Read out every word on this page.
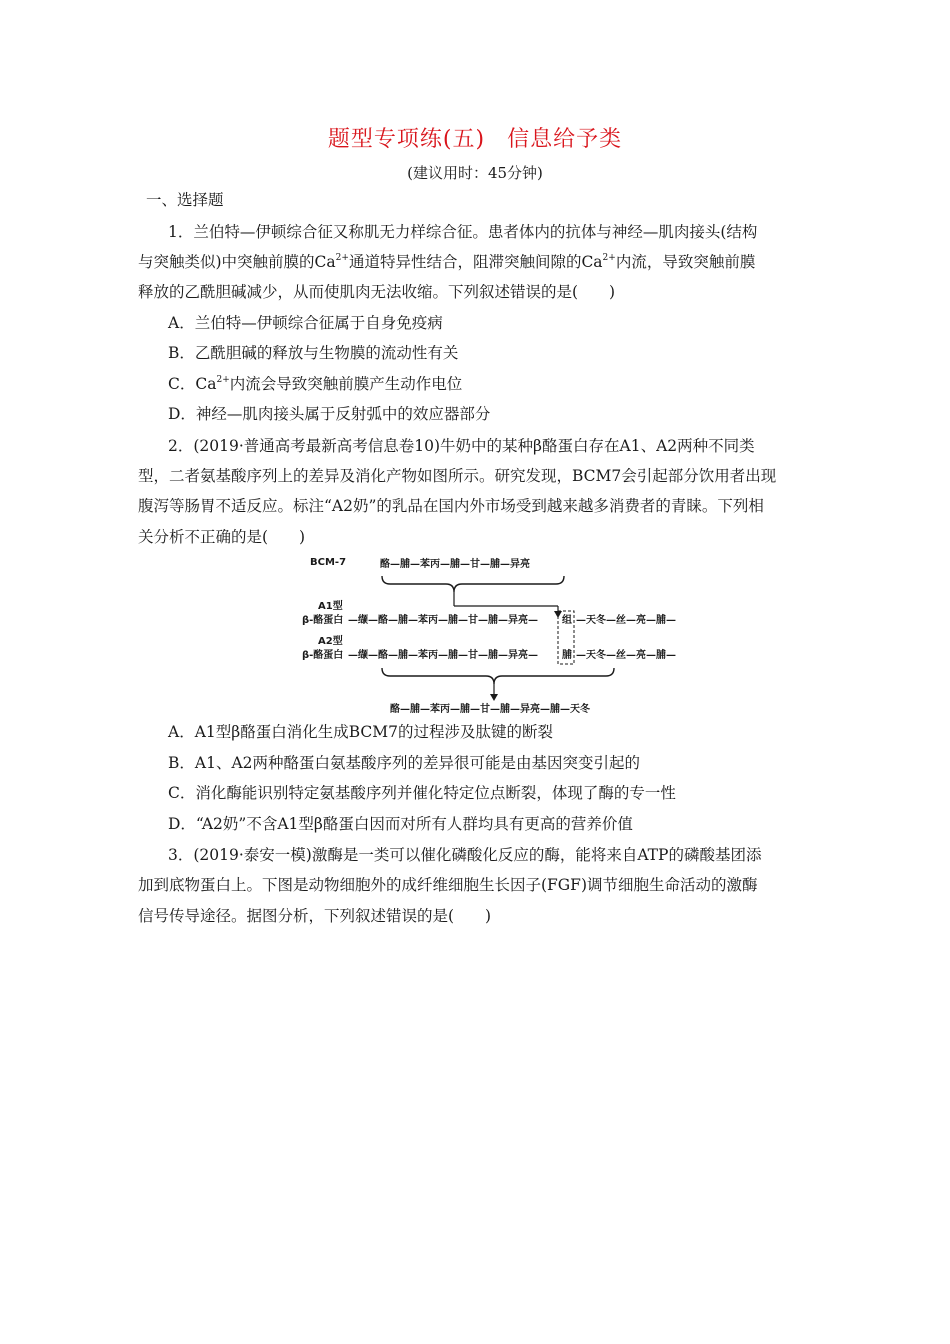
题型专项练(五) 信息给予类
(建议用时：45分钟)
一、选择题
1．兰伯特—伊顿综合征又称肌无力样综合征。患者体内的抗体与神经—肌肉接头(结构
与突触类似)中突触前膜的$Ca^{2+}$通道特异性结合，阻滞突触间隙的$Ca^{2+}$内流，导致突触前膜
释放的乙酰胆碱减少，从而使肌肉无法收缩。下列叙述错误的是(　　)
A．兰伯特—伊顿综合征属于自身免疫病
B．乙酰胆碱的释放与生物膜的流动性有关
C．$Ca^{2+}$内流会导致突触前膜产生动作电位
D．神经—肌肉接头属于反射弧中的效应器部分
2．(2019·普通高考最新高考信息卷10)牛奶中的某种β酪蛋白存在A1、A2两种不同类
型，二者氨基酸序列上的差异及消化产物如图所示。研究发现，BCM7会引起部分饮用者出现
腹泻等肠胃不适反应。标注“A2奶”的乳品在国内外市场受到越来越多消费者的青睐。下列相
关分析不正确的是(　　)
BCM-7	酪—脯—苯丙—脯—甘—脯—异亮
A1型
β-酪蛋白 —缬—酪—脯—苯丙—脯—甘—脯—异亮— 组 —天冬—丝—亮—脯—
A2型
β-酪蛋白 —缬—酪—脯—苯丙—脯—甘—脯—异亮— 脯 —天冬—丝—亮—脯—
酪—脯—苯丙—脯—甘—脯—异亮—脯—天冬
A．A1型β酪蛋白消化生成BCM7的过程涉及肽键的断裂
B．A1、A2两种酪蛋白氨基酸序列的差异很可能是由基因突变引起的
C．消化酶能识别特定氨基酸序列并催化特定位点断裂，体现了酶的专一性
D．“A2奶”不含A1型β酪蛋白因而对所有人群均具有更高的营养价值
3．(2019·泰安一模)激酶是一类可以催化磷酸化反应的酶，能将来自ATP的磷酸基团添
加到底物蛋白上。下图是动物细胞外的成纤维细胞生长因子(FGF)调节细胞生命活动的激酶
信号传导途径。据图分析，下列叙述错误的是(　　)
